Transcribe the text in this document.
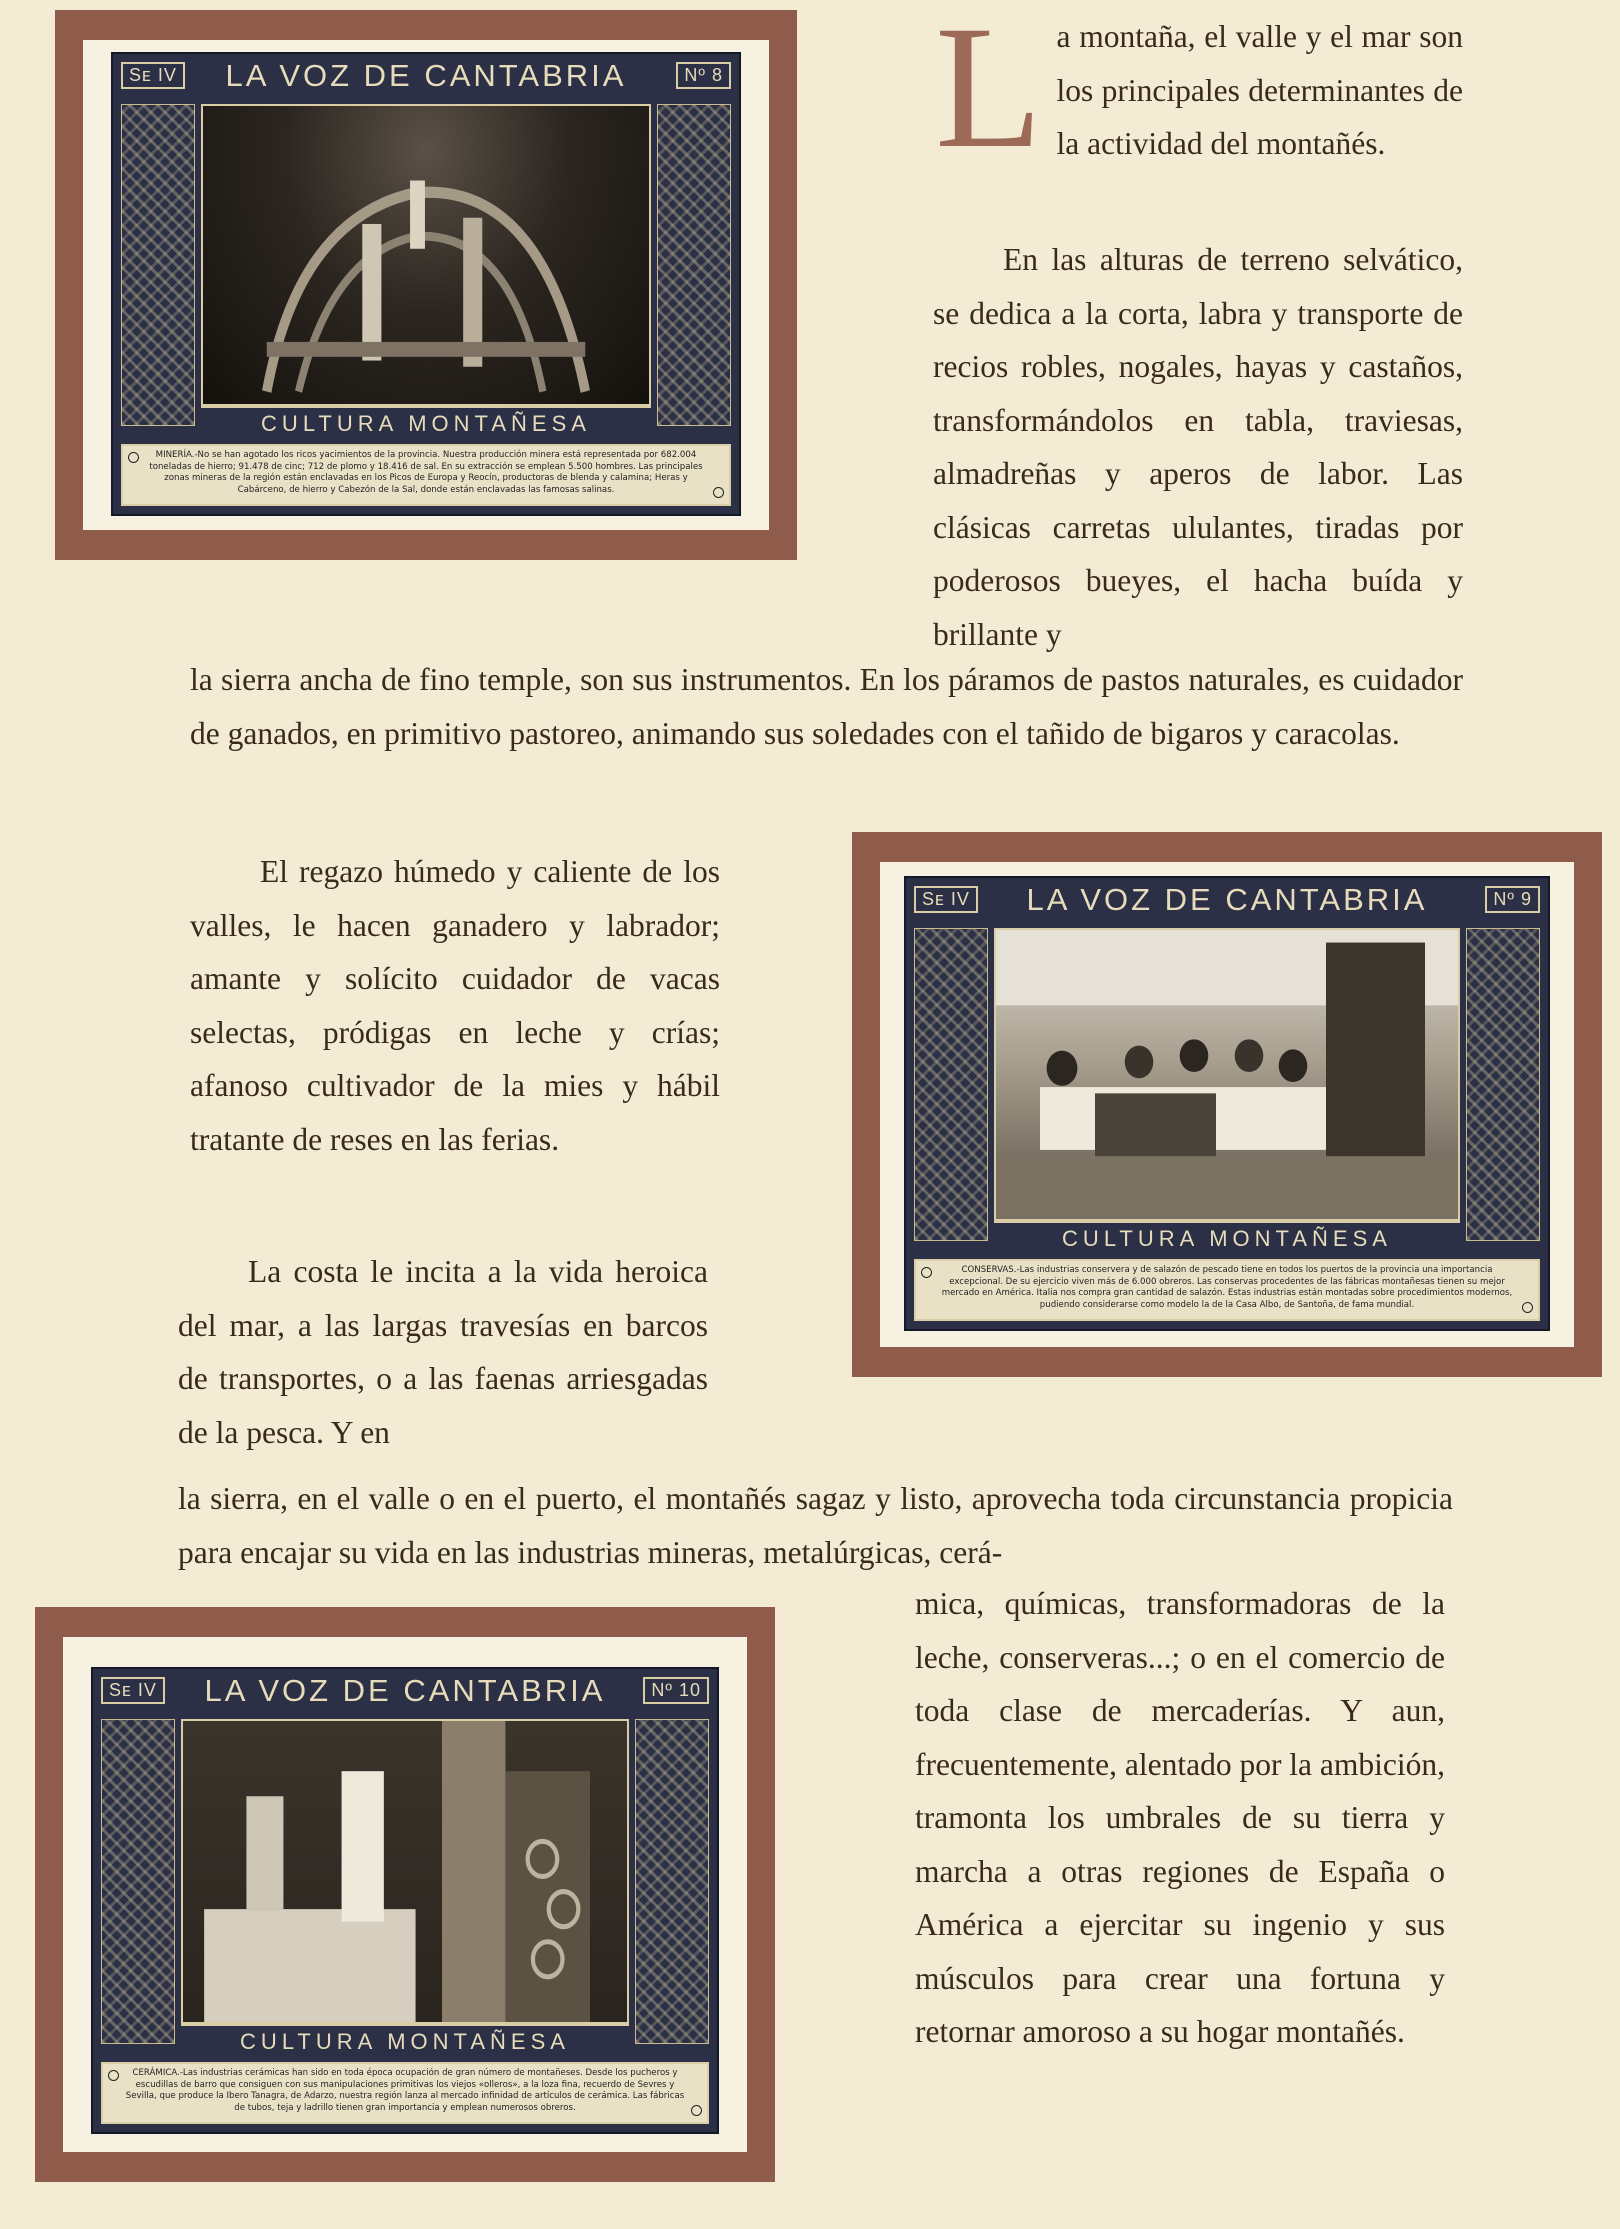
La montaña, el valle y el mar son los principales determinantes de la actividad del montañés.

En las alturas de terreno selvático, se dedica a la corta, labra y transporte de recios robles, nogales, hayas y castaños, transformándolos en tabla, traviesas, almadreñas y aperos de labor. Las clásicas carretas ululantes, tiradas por poderosos bueyes, el hacha buída y brillante y

la sierra ancha de fino temple, son sus instrumentos. En los páramos de pastos naturales, es cuidador de ganados, en primitivo pastoreo, animando sus soledades con el tañido de bigaros y caracolas.

El regazo húmedo y caliente de los valles, le hacen ganadero y labrador; amante y solícito cuidador de vacas selectas, pródigas en leche y crías; afanoso cultivador de la mies y hábil tratante de reses en las ferias.

La costa le incita a la vida heroica del mar, a las largas travesías en barcos de transportes, o a las faenas arriesgadas de la pesca. Y en

la sierra, en el valle o en el puerto, el montañés sagaz y listo, aprovecha toda circunstancia propicia para encajar su vida en las industrias mineras, metalúrgicas, cerá-

mica, químicas, transformadoras de la leche, conserveras...; o en el comercio de toda clase de mercaderías. Y aun, frecuentemente, alentado por la ambición, tramonta los umbrales de su tierra y marcha a otras regiones de España o América a ejercitar su ingenio y sus músculos para crear una fortuna y retornar amoroso a su hogar montañés.

Sᴇ IV	LA VOZ DE CANTABRIA	Nº 8
CULTURA MONTAÑESA
MINERÍA.-No se han agotado los ricos yacimientos de la provincia. Nuestra producción minera está representada por 682.004 toneladas de hierro; 91.478 de cinc; 712 de plomo y 18.416 de sal. En su extracción se emplean 5.500 hombres. Las principales zonas mineras de la región están enclavadas en los Picos de Europa y Reocín, productoras de blenda y calamina; Heras y Cabárceno, de hierro y Cabezón de la Sal, donde están enclavadas las famosas salinas.
Sᴇ IV	LA VOZ DE CANTABRIA	Nº 9
CULTURA MONTAÑESA
CONSERVAS.-Las industrias conservera y de salazón de pescado tiene en todos los puertos de la provincia una importancia excepcional. De su ejercicio viven más de 6.000 obreros. Las conservas procedentes de las fábricas montañesas tienen su mejor mercado en América. Italia nos compra gran cantidad de salazón. Estas industrias están montadas sobre procedimientos modernos, pudiendo considerarse como modelo la de la Casa Albo, de Santoña, de fama mundial.
Sᴇ IV	LA VOZ DE CANTABRIA	Nº 10
CULTURA MONTAÑESA
CERÁMICA.-Las industrias cerámicas han sido en toda época ocupación de gran número de montañeses. Desde los pucheros y escudillas de barro que consiguen con sus manipulaciones primitivas los viejos «olleros», a la loza fina, recuerdo de Sevres y Sevilla, que produce la Ibero Tanagra, de Adarzo, nuestra región lanza al mercado infinidad de artículos de cerámica. Las fábricas de tubos, teja y ladrillo tienen gran importancia y emplean numerosos obreros.
